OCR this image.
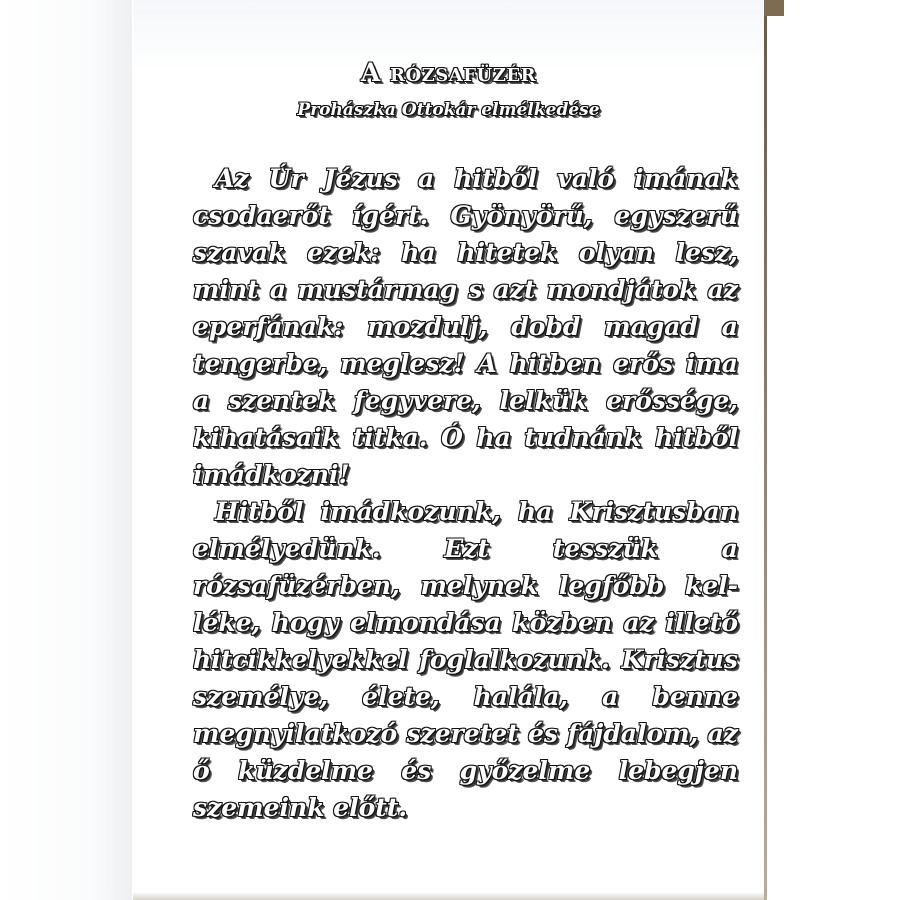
A rózsafüzér
Prohászka Ottokár elmélkedése

Az Úr Jézus a hitből való imának csodaerőt ígért. Gyönyörű, egyszerű szavak ezek: ha hitetek olyan lesz, mint a mustármag s azt mondjátok az eperfának: mozdulj, dobd magad a tengerbe, meglesz! A hitben erős ima a szentek fegyvere, lelkük erőssége, kihatásaik titka. Ó ha tudnánk hitből imádkozni!

Hitből imádkozunk, ha Krisztusban elmélyedünk. Ezt tesszük a rózsafüzérben, melynek legfőbb kelléke, hogy elmondása közben az illető hitcikkelyekkel foglalkozunk. Krisztus személye, élete, halála, a benne megnyilatkozó szeretet és fájdalom, az ő küzdelme és győzelme lebegjen szemeink előtt.
